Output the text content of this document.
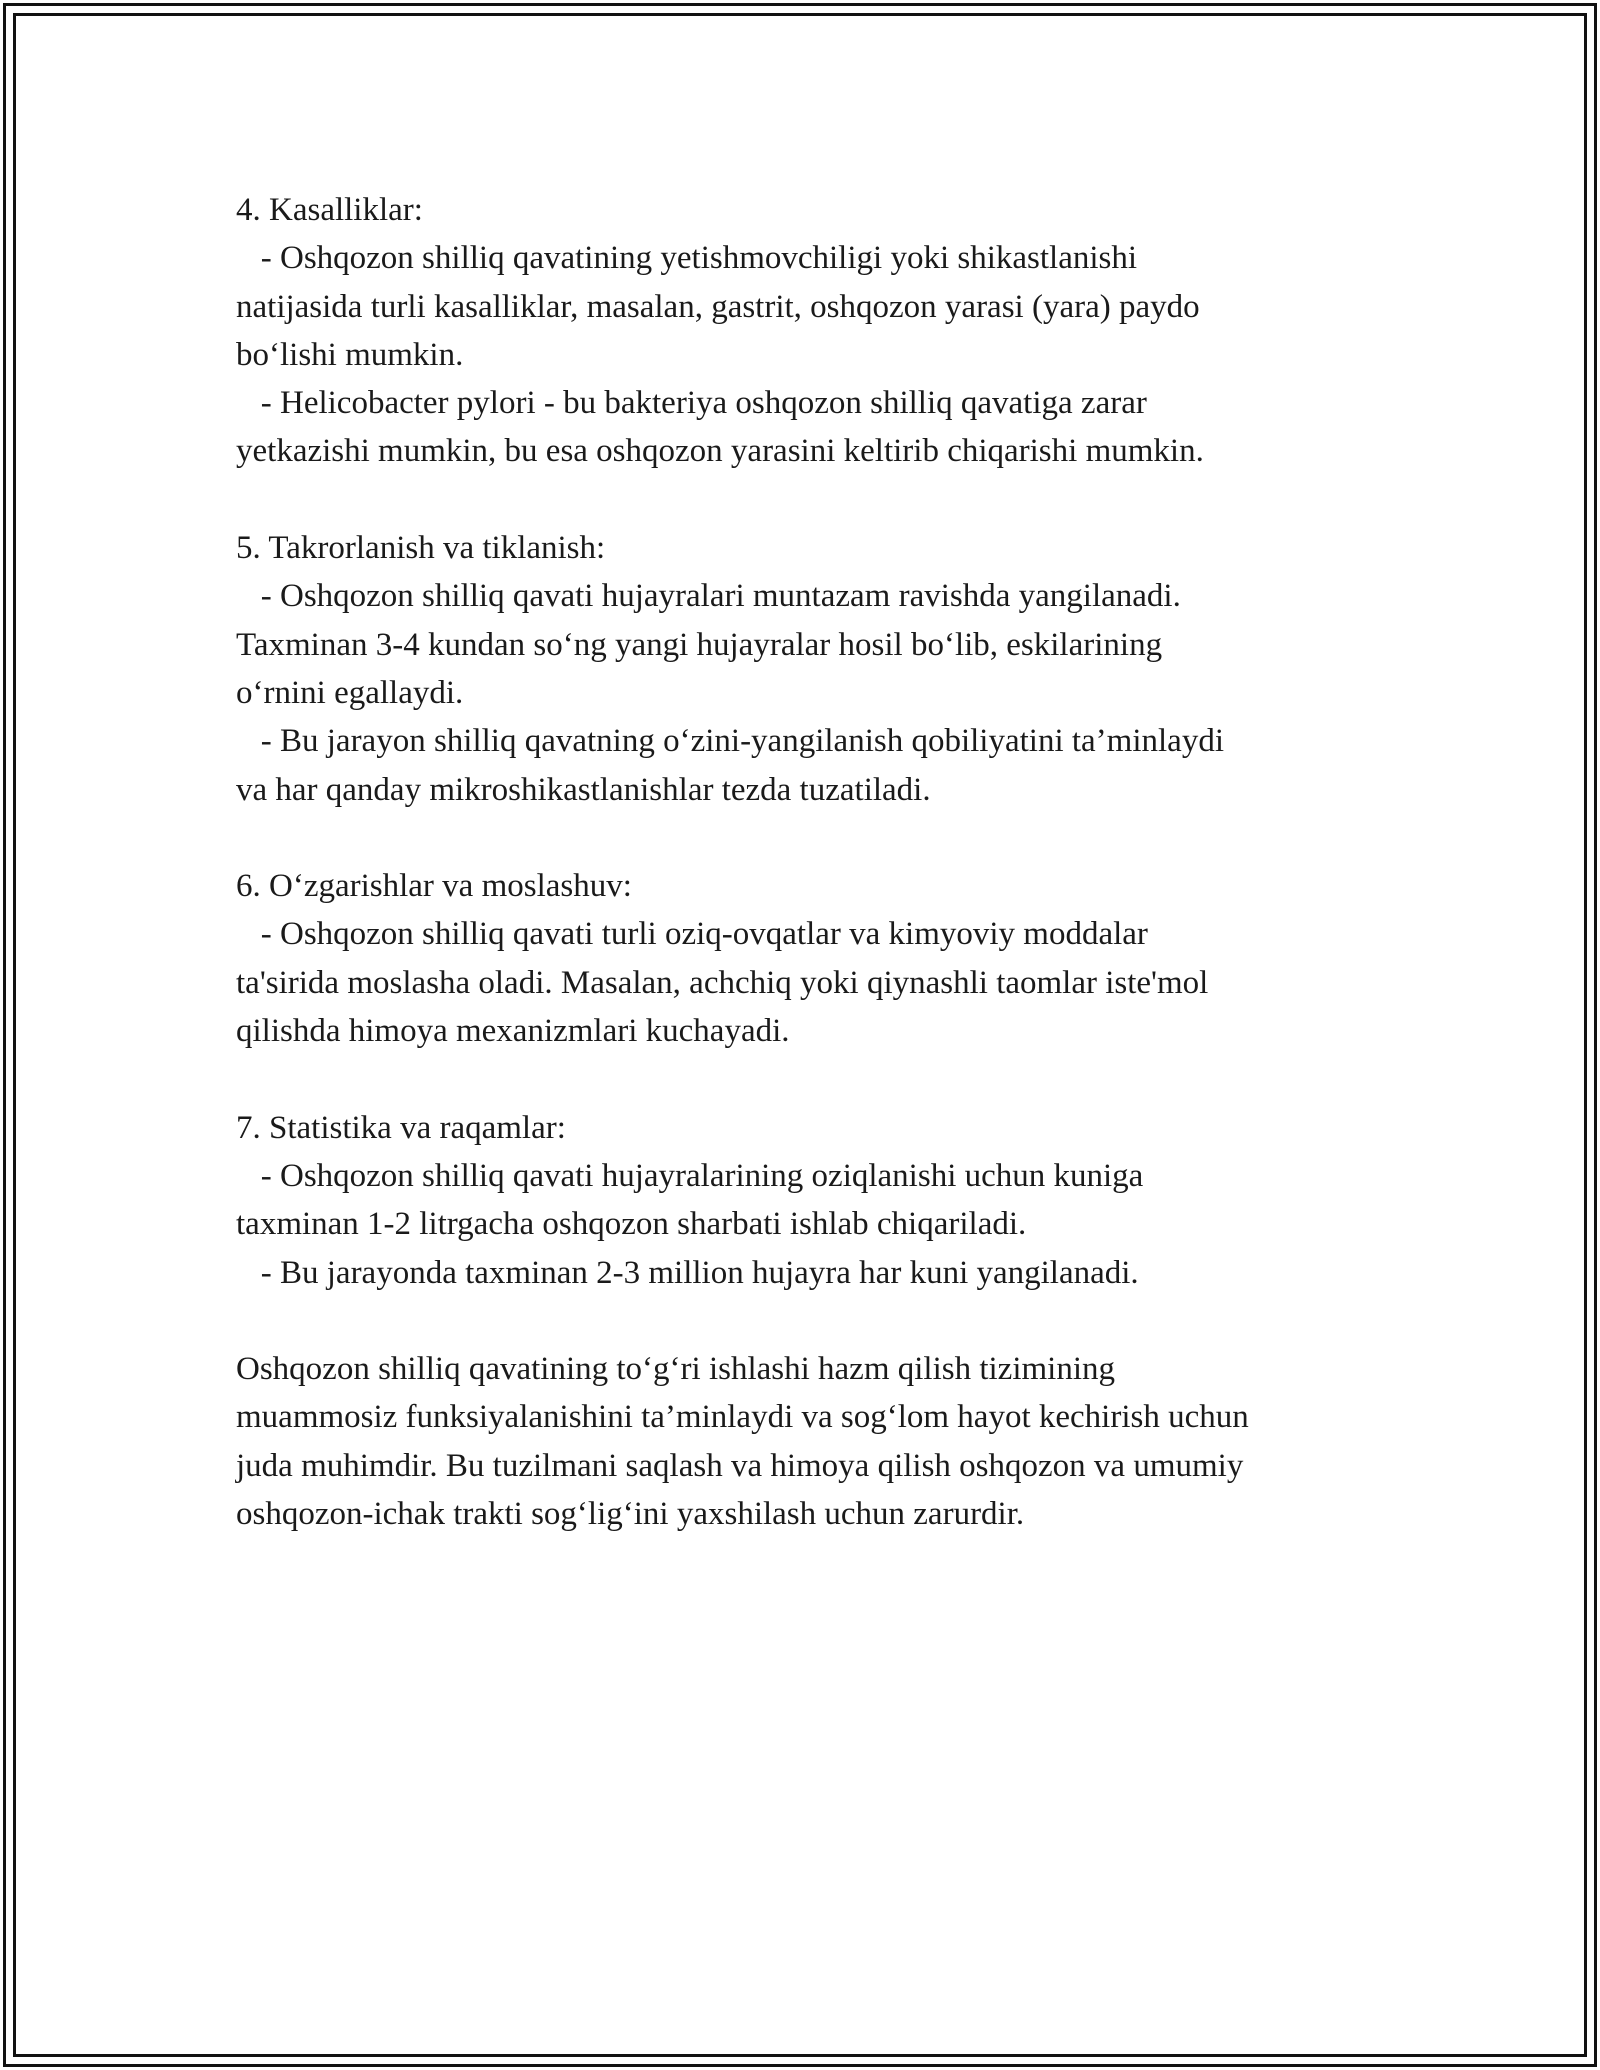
4. Kasalliklar:
- Oshqozon shilliq qavatining yetishmovchiligi yoki shikastlanishi
natijasida turli kasalliklar, masalan, gastrit, oshqozon yarasi (yara) paydo
bo‘lishi mumkin.
- Helicobacter pylori - bu bakteriya oshqozon shilliq qavatiga zarar
yetkazishi mumkin, bu esa oshqozon yarasini keltirib chiqarishi mumkin.
5. Takrorlanish va tiklanish:
- Oshqozon shilliq qavati hujayralari muntazam ravishda yangilanadi.
Taxminan 3-4 kundan so‘ng yangi hujayralar hosil bo‘lib, eskilarining
o‘rnini egallaydi.
- Bu jarayon shilliq qavatning o‘zini-yangilanish qobiliyatini ta’minlaydi
va har qanday mikroshikastlanishlar tezda tuzatiladi.
6. O‘zgarishlar va moslashuv:
- Oshqozon shilliq qavati turli oziq-ovqatlar va kimyoviy moddalar
ta'sirida moslasha oladi. Masalan, achchiq yoki qiynashli taomlar iste'mol
qilishda himoya mexanizmlari kuchayadi.
7. Statistika va raqamlar:
- Oshqozon shilliq qavati hujayralarining oziqlanishi uchun kuniga
taxminan 1-2 litrgacha oshqozon sharbati ishlab chiqariladi.
- Bu jarayonda taxminan 2-3 million hujayra har kuni yangilanadi.
Oshqozon shilliq qavatining to‘g‘ri ishlashi hazm qilish tizimining
muammosiz funksiyalanishini ta’minlaydi va sog‘lom hayot kechirish uchun
juda muhimdir. Bu tuzilmani saqlash va himoya qilish oshqozon va umumiy
oshqozon-ichak trakti sog‘lig‘ini yaxshilash uchun zarurdir.
